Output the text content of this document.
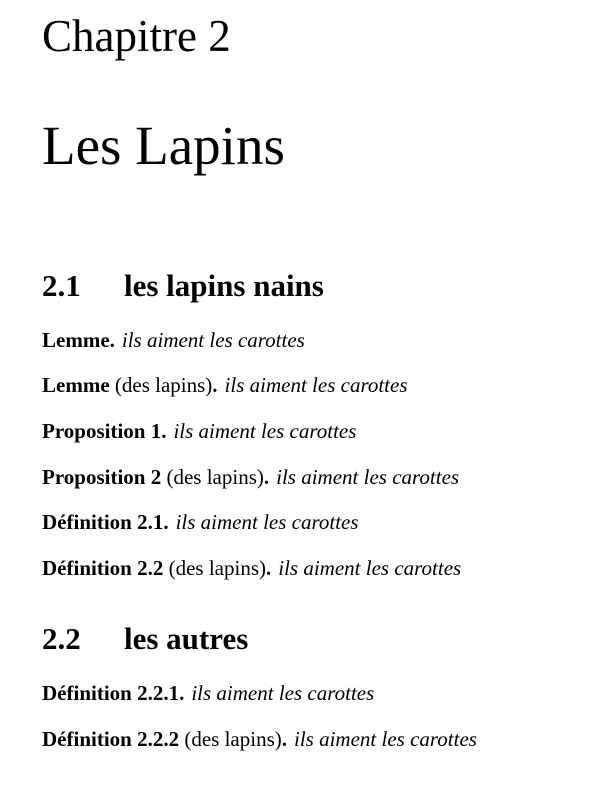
Chapitre 2
Les Lapins
2.1 les lapins nains
Lemme. ils aiment les carottes
Lemme (des lapins). ils aiment les carottes
Proposition 1. ils aiment les carottes
Proposition 2 (des lapins). ils aiment les carottes
Définition 2.1. ils aiment les carottes
Définition 2.2 (des lapins). ils aiment les carottes
2.2 les autres
Définition 2.2.1. ils aiment les carottes
Définition 2.2.2 (des lapins). ils aiment les carottes
